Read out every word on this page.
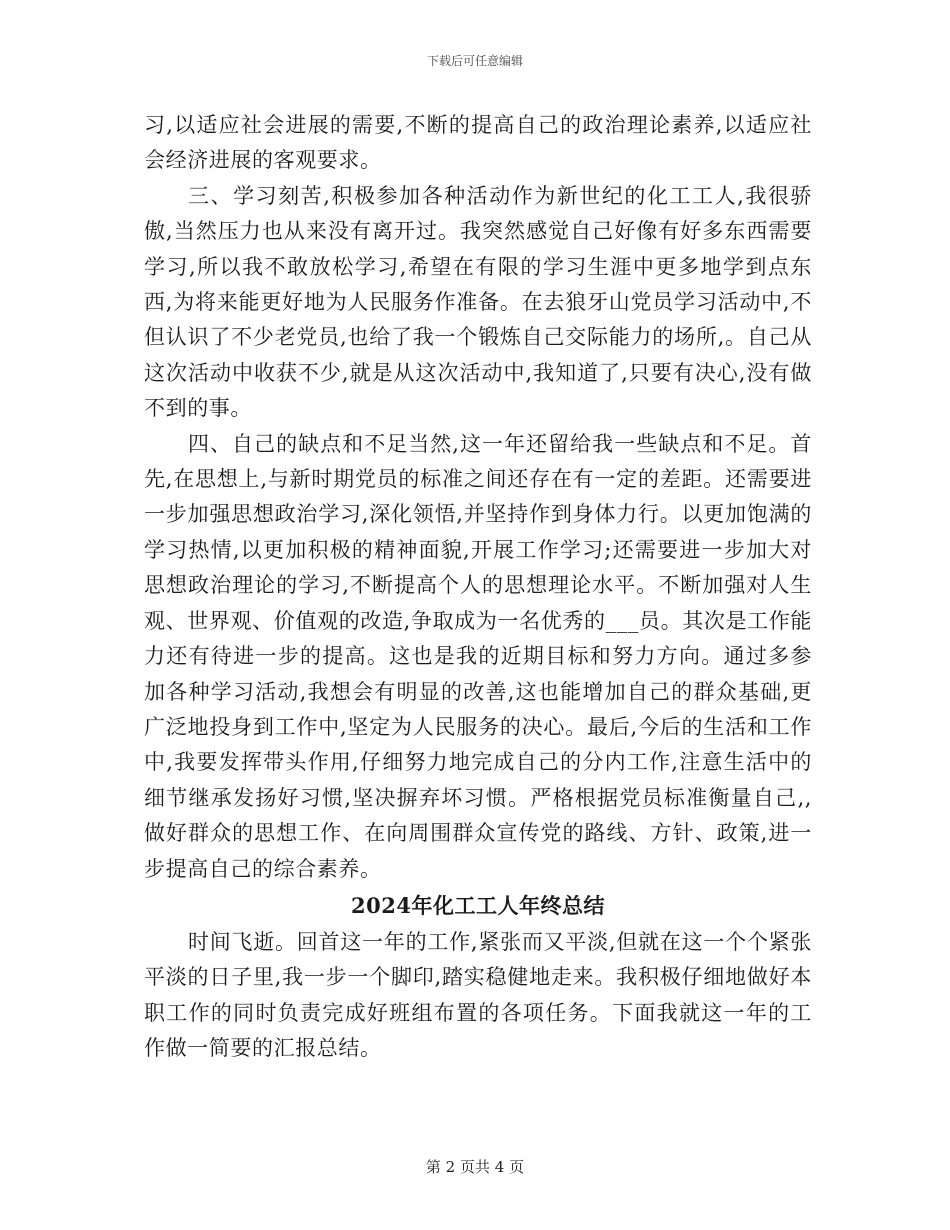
下载后可任意编辑

习,以适应社会进展的需要,不断的提高自己的政治理论素养,以适应社会经济进展的客观要求。

三、学习刻苦,积极参加各种活动作为新世纪的化工工人,我很骄傲,当然压力也从来没有离开过。我突然感觉自己好像有好多东西需要学习,所以我不敢放松学习,希望在有限的学习生涯中更多地学到点东西,为将来能更好地为人民服务作准备。在去狼牙山党员学习活动中,不但认识了不少老党员,也给了我一个锻炼自己交际能力的场所,。自己从这次活动中收获不少,就是从这次活动中,我知道了,只要有决心,没有做不到的事。

四、自己的缺点和不足当然,这一年还留给我一些缺点和不足。首先,在思想上,与新时期党员的标准之间还存在有一定的差距。还需要进一步加强思想政治学习,深化领悟,并坚持作到身体力行。以更加饱满的学习热情,以更加积极的精神面貌,开展工作学习;还需要进一步加大对思想政治理论的学习,不断提高个人的思想理论水平。不断加强对人生观、世界观、价值观的改造,争取成为一名优秀的___员。其次是工作能力还有待进一步的提高。这也是我的近期目标和努力方向。通过多参加各种学习活动,我想会有明显的改善,这也能增加自己的群众基础,更广泛地投身到工作中,坚定为人民服务的决心。最后,今后的生活和工作中,我要发挥带头作用,仔细努力地完成自己的分内工作,注意生活中的细节继承发扬好习惯,坚决摒弃坏习惯。严格根据党员标准衡量自己,,做好群众的思想工作、在向周围群众宣传党的路线、方针、政策,进一步提高自己的综合素养。

2024年化工工人年终总结

时间飞逝。回首这一年的工作,紧张而又平淡,但就在这一个个紧张平淡的日子里,我一步一个脚印,踏实稳健地走来。我积极仔细地做好本职工作的同时负责完成好班组布置的各项任务。下面我就这一年的工作做一简要的汇报总结。

第 2 页共 4 页
